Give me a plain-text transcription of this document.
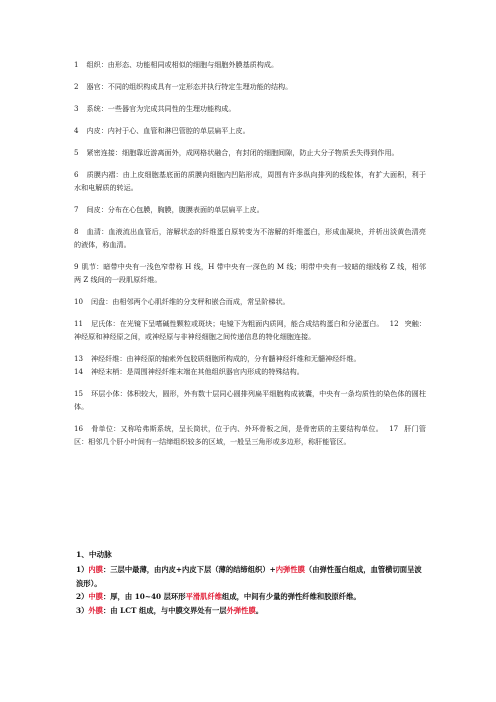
1 组织：由形态、功能相同或相似的细胞与细胞外膜基质构成。

2 器官：不同的组织构成具有一定形态并执行特定生理功能的结构。

3 系统：一些器官为完成共同性的生理功能构成。

4 内皮：内衬于心、血管和淋巴管腔的单层扁平上皮。

5 紧密连接：细胞靠近游离面外，成网格状融合，有封闭的细胞间隙，防止大分子物质丢失得到作用。

6 质膜内褶：由上皮细胞基底面的质膜向细胞内凹陷形成，周围有许多纵向排列的线粒体，有扩大面积，利于水和电解质的转运。

7 间皮：分布在心包膜，胸膜，腹膜表面的单层扁平上皮。

8 血清：血液流出血管后，溶解状态的纤维蛋白原转变为不溶解的纤维蛋白，形成血凝块，并析出淡黄色清亮的液体，称血清。

9 肌节：暗带中央有一浅色窄带称 H 线，H 带中央有一深色的 M 线；明带中央有一较暗的细线称 Z 线，相邻两 Z 线间的一段肌原纤维。

10 闰盘：由相邻两个心肌纤维的分支秤和嵌合而成，常呈阶梯状。

11 尼氏体：在光镜下呈嗜碱性颗粒或斑块；电镜下为粗面内质网，能合成结构蛋白和分泌蛋白。 12 突触：神经原和神经原之间，或神经原与非神经细胞之间传递信息的特化细胞连接。

13 神经纤维：由神经原的轴索外包胶质细胞所构成的，分有髓神经纤维和无髓神经纤维。

14 神经末梢：是周围神经纤维末端在其他组织器官内形成的特殊结构。

15 环层小体：体积较大，圆形，外有数十层同心圆排列扁平细胞构成被囊，中央有一条均质性的染色体的圆柱体。

16 骨单位：又称哈弗斯系统，呈长筒状，位于内、外环骨板之间，是骨密质的主要结构单位。 17 肝门管区：相邻几个肝小叶间有一结缔组织较多的区域，一般呈三角形或多边形，称肝能管区。

1、中动脉
1）内膜：三层中最薄，由内皮+内皮下层（薄的结缔组织）+内弹性膜（由弹性蛋白组成，血管横切面呈波浪形）。
2）中膜：厚，由 10~40 层环形平滑肌纤维组成，中间有少量的弹性纤维和胶原纤维。
3）外膜：由 LCT 组成，与中膜交界处有一层外弹性膜。
